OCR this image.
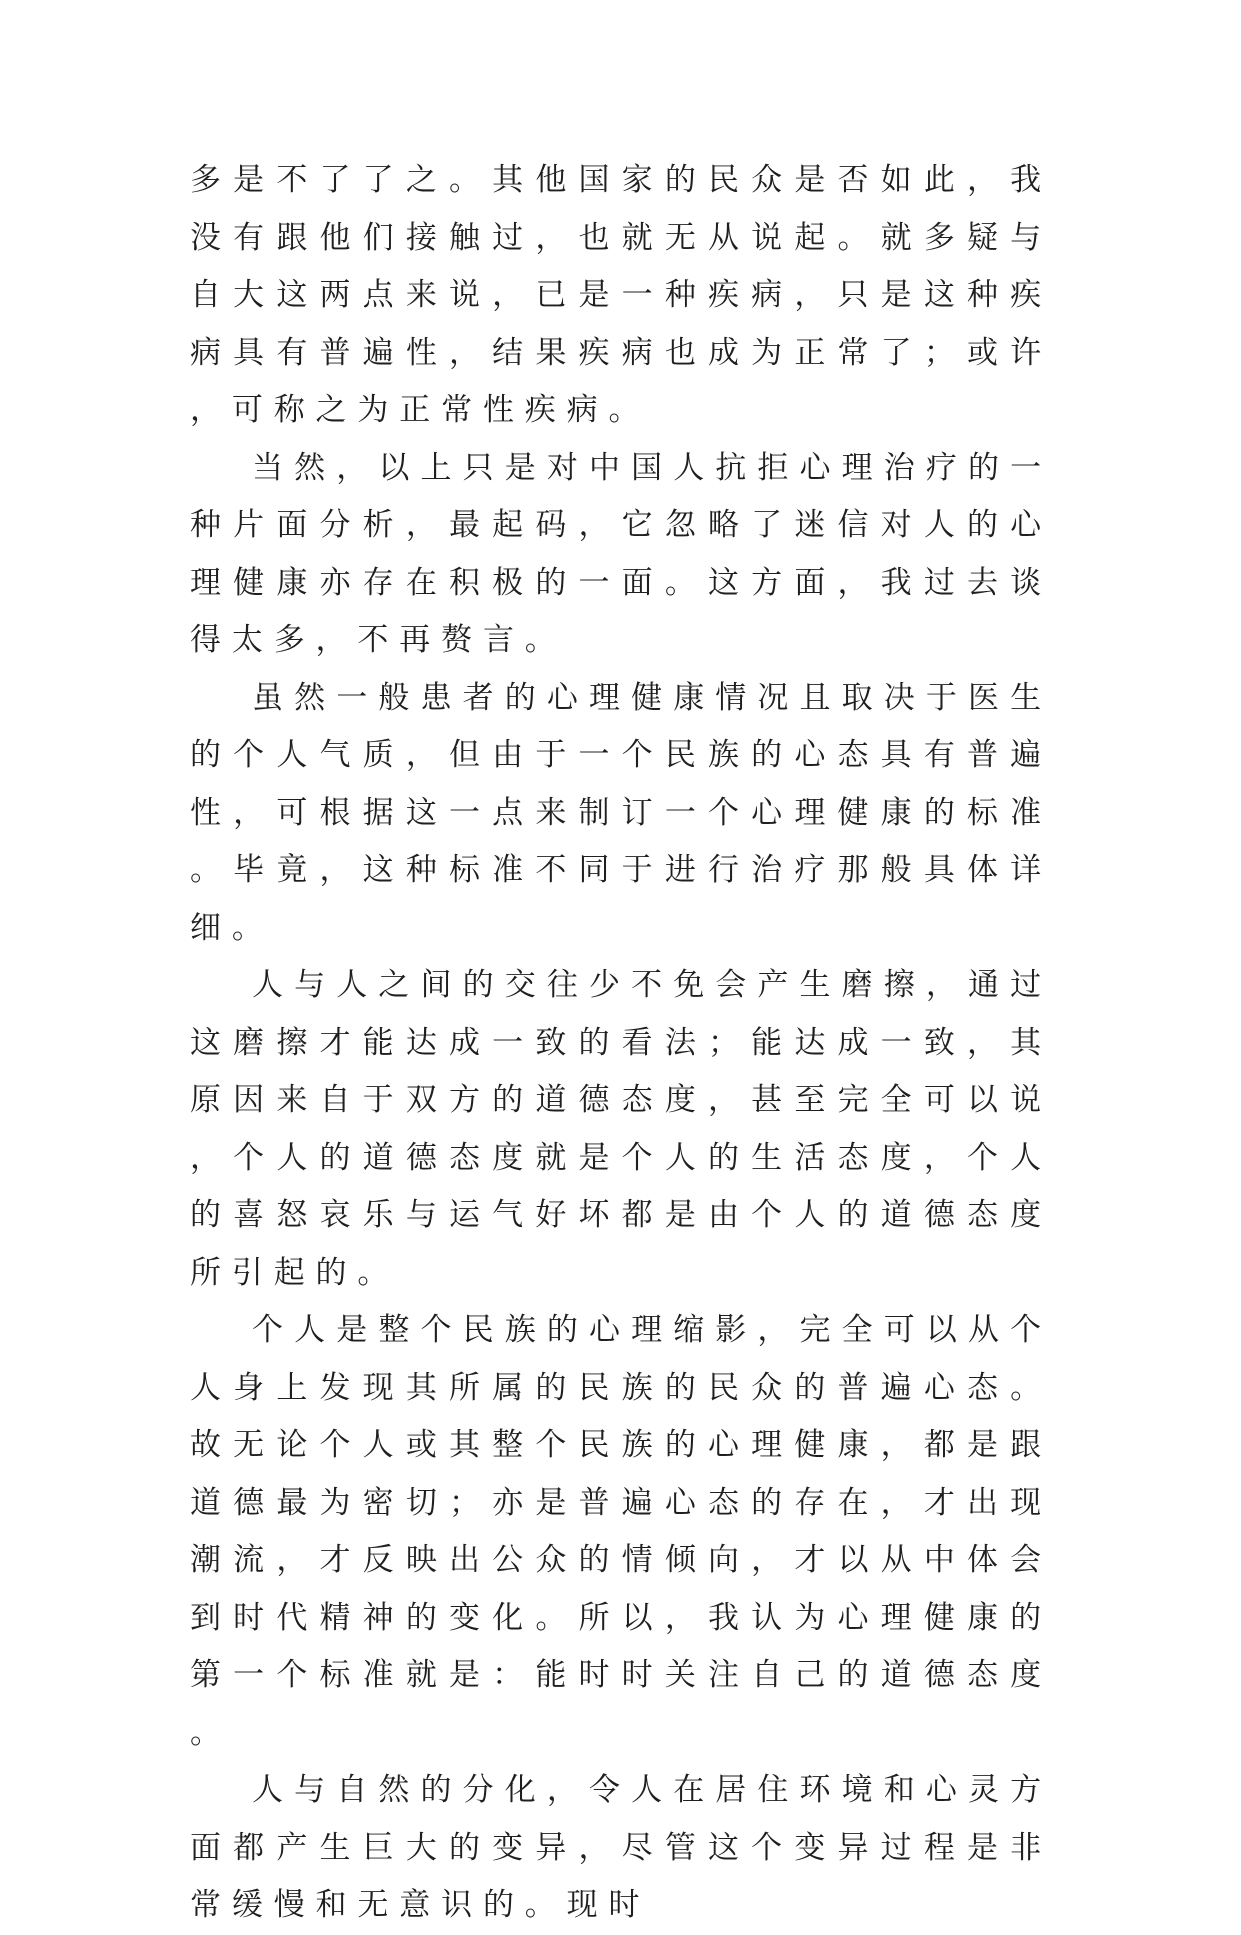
多是不了了之。其他国家的民众是否如此，我没有跟他们接触过，也就无从说起。就多疑与自大这两点来说，已是一种疾病，只是这种疾病具有普遍性，结果疾病也成为正常了；或许，可称之为正常性疾病。

当然，以上只是对中国人抗拒心理治疗的一种片面分析，最起码，它忽略了迷信对人的心理健康亦存在积极的一面。这方面，我过去谈得太多，不再赘言。

虽然一般患者的心理健康情况且取决于医生的个人气质，但由于一个民族的心态具有普遍性，可根据这一点来制订一个心理健康的标准。毕竟，这种标准不同于进行治疗那般具体详细。

人与人之间的交往少不免会产生磨擦，通过这磨擦才能达成一致的看法；能达成一致，其原因来自于双方的道德态度，甚至完全可以说，个人的道德态度就是个人的生活态度，个人的喜怒哀乐与运气好坏都是由个人的道德态度所引起的。

个人是整个民族的心理缩影，完全可以从个人身上发现其所属的民族的民众的普遍心态。故无论个人或其整个民族的心理健康，都是跟道德最为密切；亦是普遍心态的存在，才出现潮流，才反映出公众的情倾向，才以从中体会到时代精神的变化。所以，我认为心理健康的第一个标准就是：能时时关注自己的道德态度。

人与自然的分化，令人在居住环境和心灵方面都产生巨大的变异，尽管这个变异过程是非常缓慢和无意识的。现时
